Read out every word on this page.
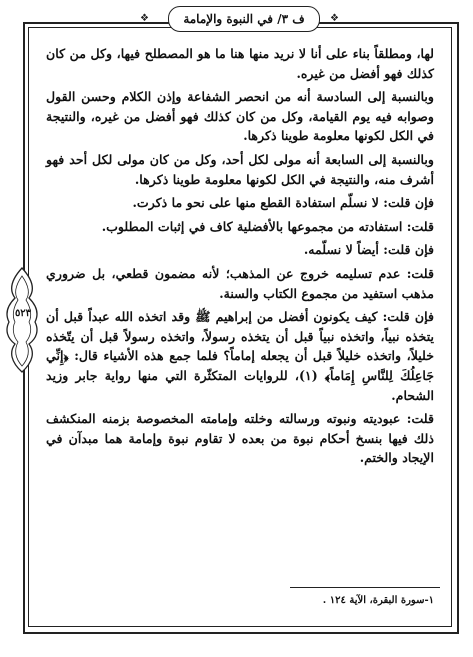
❖	❖
ف ٣/ في النبوة والإمامة
٥٢٣

لها، ومطلقاً بناء على أنا لا نريد منها هنا ما هو المصطلح فيها، وكل من كان كذلك فهو أفضل من غيره.

وبالنسبة إلى السادسة أنه من انحصر الشفاعة وإذن الكلام وحسن القول وصوابه فيه يوم القيامة، وكل من كان كذلك فهو أفضل من غيره، والنتيجة في الكل لكونها معلومة طوينا ذكرها.

وبالنسبة إلى السابعة أنه مولى لكل أحد، وكل من كان مولى لكل أحد فهو أشرف منه، والنتيجة في الكل لكونها معلومة طوينا ذكرها.

فإن قلت: لا نسلّم استفادة القطع منها على نحو ما ذكرت.

قلت: استفادته من مجموعها بالأفضلية كاف في إثبات المطلوب.

فإن قلت: أيضاً لا نسلّمه.

قلت: عدم تسليمه خروج عن المذهب؛ لأنه مضمون قطعي، بل ضروري مذهب استفيد من مجموع الكتاب والسنة.

فإن قلت: كيف يكونون أفضل من إبراهيم ﷺ وقد اتخذه الله عبداً قبل أن يتخذه نبياً، واتخذه نبياً قبل أن يتخذه رسولاً، واتخذه رسولاً قبل أن يتّخذه خليلاً، واتخذه خليلاً قبل أن يجعله إماماً؟ فلما جمع هذه الأشياء قال: ﴿إِنِّي جَاعِلُكَ لِلنَّاسِ إِمَاماً﴾ (١)، للروايات المتكثّرة التي منها رواية جابر وزيد الشحام.

قلت: عبوديته ونبوته ورسالته وخلته وإمامته المخصوصة بزمنه المنكشف ذلك فيها بنسخ أحكام نبوة من بعده لا تقاوم نبوة وإمامة هما مبدآن في الإيجاد والختم.

١-سورة البقرة، الآية ١٢٤ .
